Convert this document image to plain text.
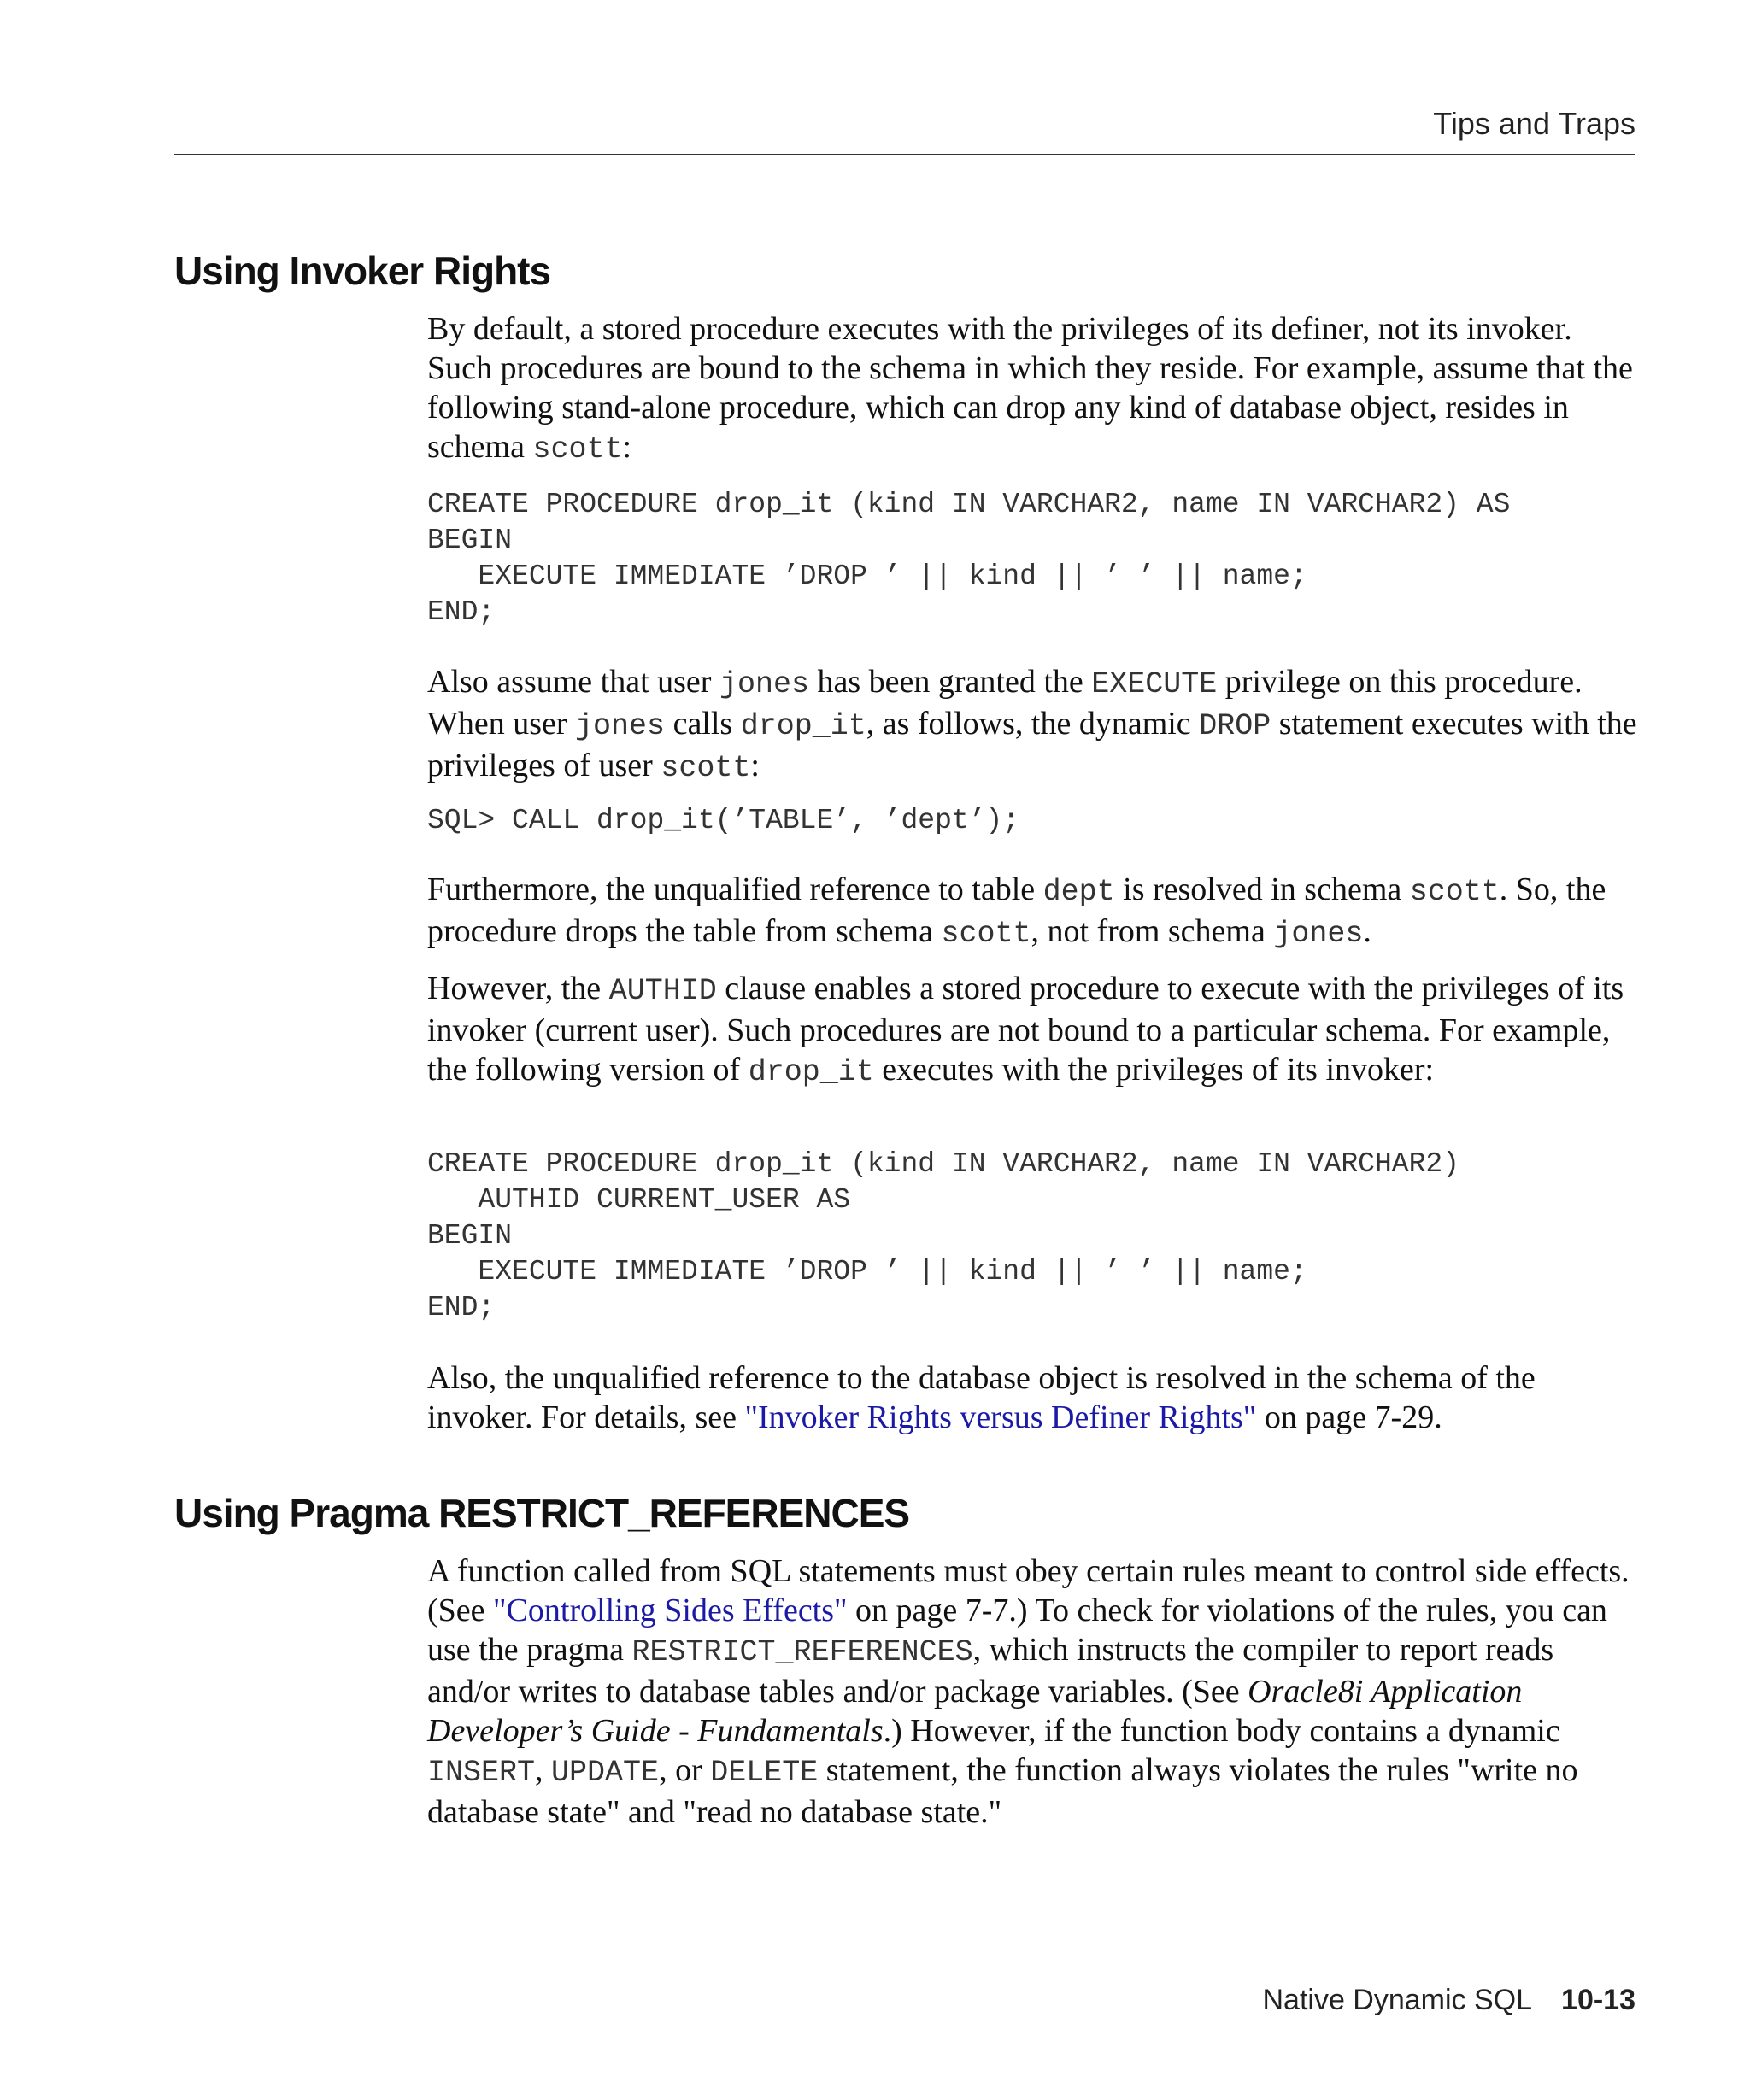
Tips and Traps
Using Invoker Rights

By default, a stored procedure executes with the privileges of its definer, not its invoker. Such procedures are bound to the schema in which they reside. For example, assume that the following stand-alone procedure, which can drop any kind of database object, resides in schema scott:

CREATE PROCEDURE drop_it (kind IN VARCHAR2, name IN VARCHAR2) AS
BEGIN
EXECUTE IMMEDIATE ’DROP ’ || kind || ’ ’ || name;
END;

Also assume that user jones has been granted the EXECUTE privilege on this procedure. When user jones calls drop_it, as follows, the dynamic DROP statement executes with the privileges of user scott:

SQL> CALL drop_it(’TABLE’, ’dept’);

Furthermore, the unqualified reference to table dept is resolved in schema scott. So, the procedure drops the table from schema scott, not from schema jones.

However, the AUTHID clause enables a stored procedure to execute with the privileges of its invoker (current user). Such procedures are not bound to a particular schema. For example, the following version of drop_it executes with the privileges of its invoker:

CREATE PROCEDURE drop_it (kind IN VARCHAR2, name IN VARCHAR2)
AUTHID CURRENT_USER AS
BEGIN
EXECUTE IMMEDIATE ’DROP ’ || kind || ’ ’ || name;
END;

Also, the unqualified reference to the database object is resolved in the schema of the invoker. For details, see "Invoker Rights versus Definer Rights" on page 7-29.

Using Pragma RESTRICT_REFERENCES

A function called from SQL statements must obey certain rules meant to control side effects. (See "Controlling Sides Effects" on page 7-7.) To check for violations of the rules, you can use the pragma RESTRICT_REFERENCES, which instructs the compiler to report reads and/or writes to database tables and/or package variables. (See Oracle8i Application Developer’s Guide - Fundamentals.) However, if the function body contains a dynamic INSERT, UPDATE, or DELETE statement, the function always violates the rules "write no database state" and "read no database state."

Native Dynamic SQL 10-13
